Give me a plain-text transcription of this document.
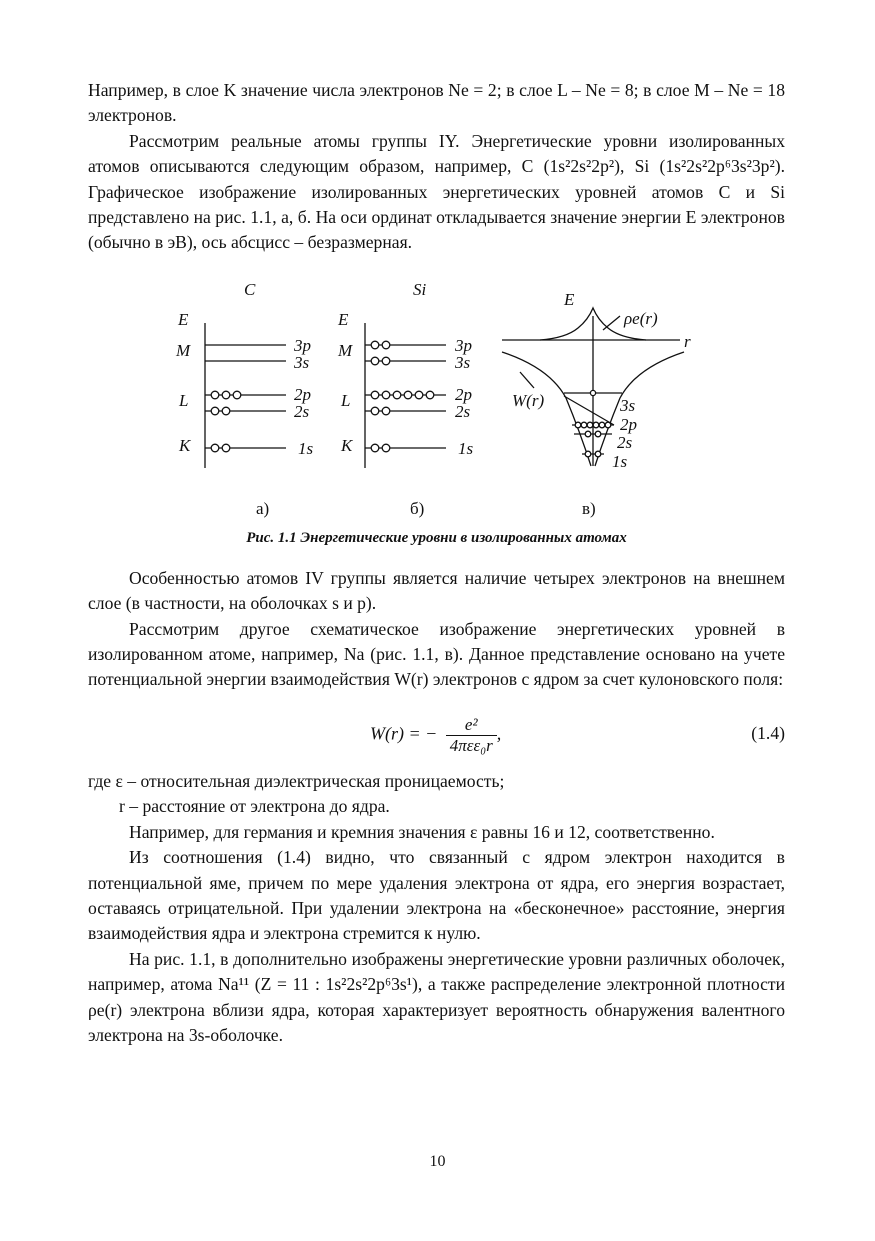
Например, в слое K значение числа электронов Ne = 2; в слое L – Ne = 8; в слое M – Ne = 18 электронов.

Рассмотрим реальные атомы группы IY. Энергетические уровни изолированных атомов описываются следующим образом, например, C (1s²2s²2p²), Si (1s²2s²2p⁶3s²3p²). Графическое изображение изолированных энергетических уровней атомов C и Si представлено на рис. 1.1, а, б. На оси ординат откладывается значение энергии E электронов (обычно в эВ), ось абсцисс – безразмерная.

C	Si
E
M
L
K
3p
3s
2p
2s
1s
E
M
L
K
3p
3s
2p
2s
1s
E
ρe(r)
r
W(r)	3s
2p
2s
1s
а)	б)	в)
Рис. 1.1 Энергетические уровни в изолированных атомах

Особенностью атомов IV группы является наличие четырех электронов на внешнем слое (в частности, на оболочках s и p).

Рассмотрим другое схематическое изображение энергетических уровней в изолированном атоме, например, Na (рис. 1.1, в). Данное представление основано на учете потенциальной энергии взаимодействия W(r) электронов с ядром за счет кулоновского поля:

W(r) = − $\frac{\text{e²}}{\text{4πεε₀r}}$ ,	(1.4)

где ε – относительная диэлектрическая проницаемость;

r – расстояние от электрона до ядра.

Например, для германия и кремния значения ε равны 16 и 12, соответственно.

Из соотношения (1.4) видно, что связанный с ядром электрон находится в потенциальной яме, причем по мере удаления электрона от ядра, его энергия возрастает, оставаясь отрицательной. При удалении электрона на «бесконечное» расстояние, энергия взаимодействия ядра и электрона стремится к нулю.

На рис. 1.1, в дополнительно изображены энергетические уровни различных оболочек, например, атома Na¹¹ (Z = 11 : 1s²2s²2p⁶3s¹), а также распределение электронной плотности ρe(r) электрона вблизи ядра, которая характеризует вероятность обнаружения валентного электрона на 3s-оболочке.

10
